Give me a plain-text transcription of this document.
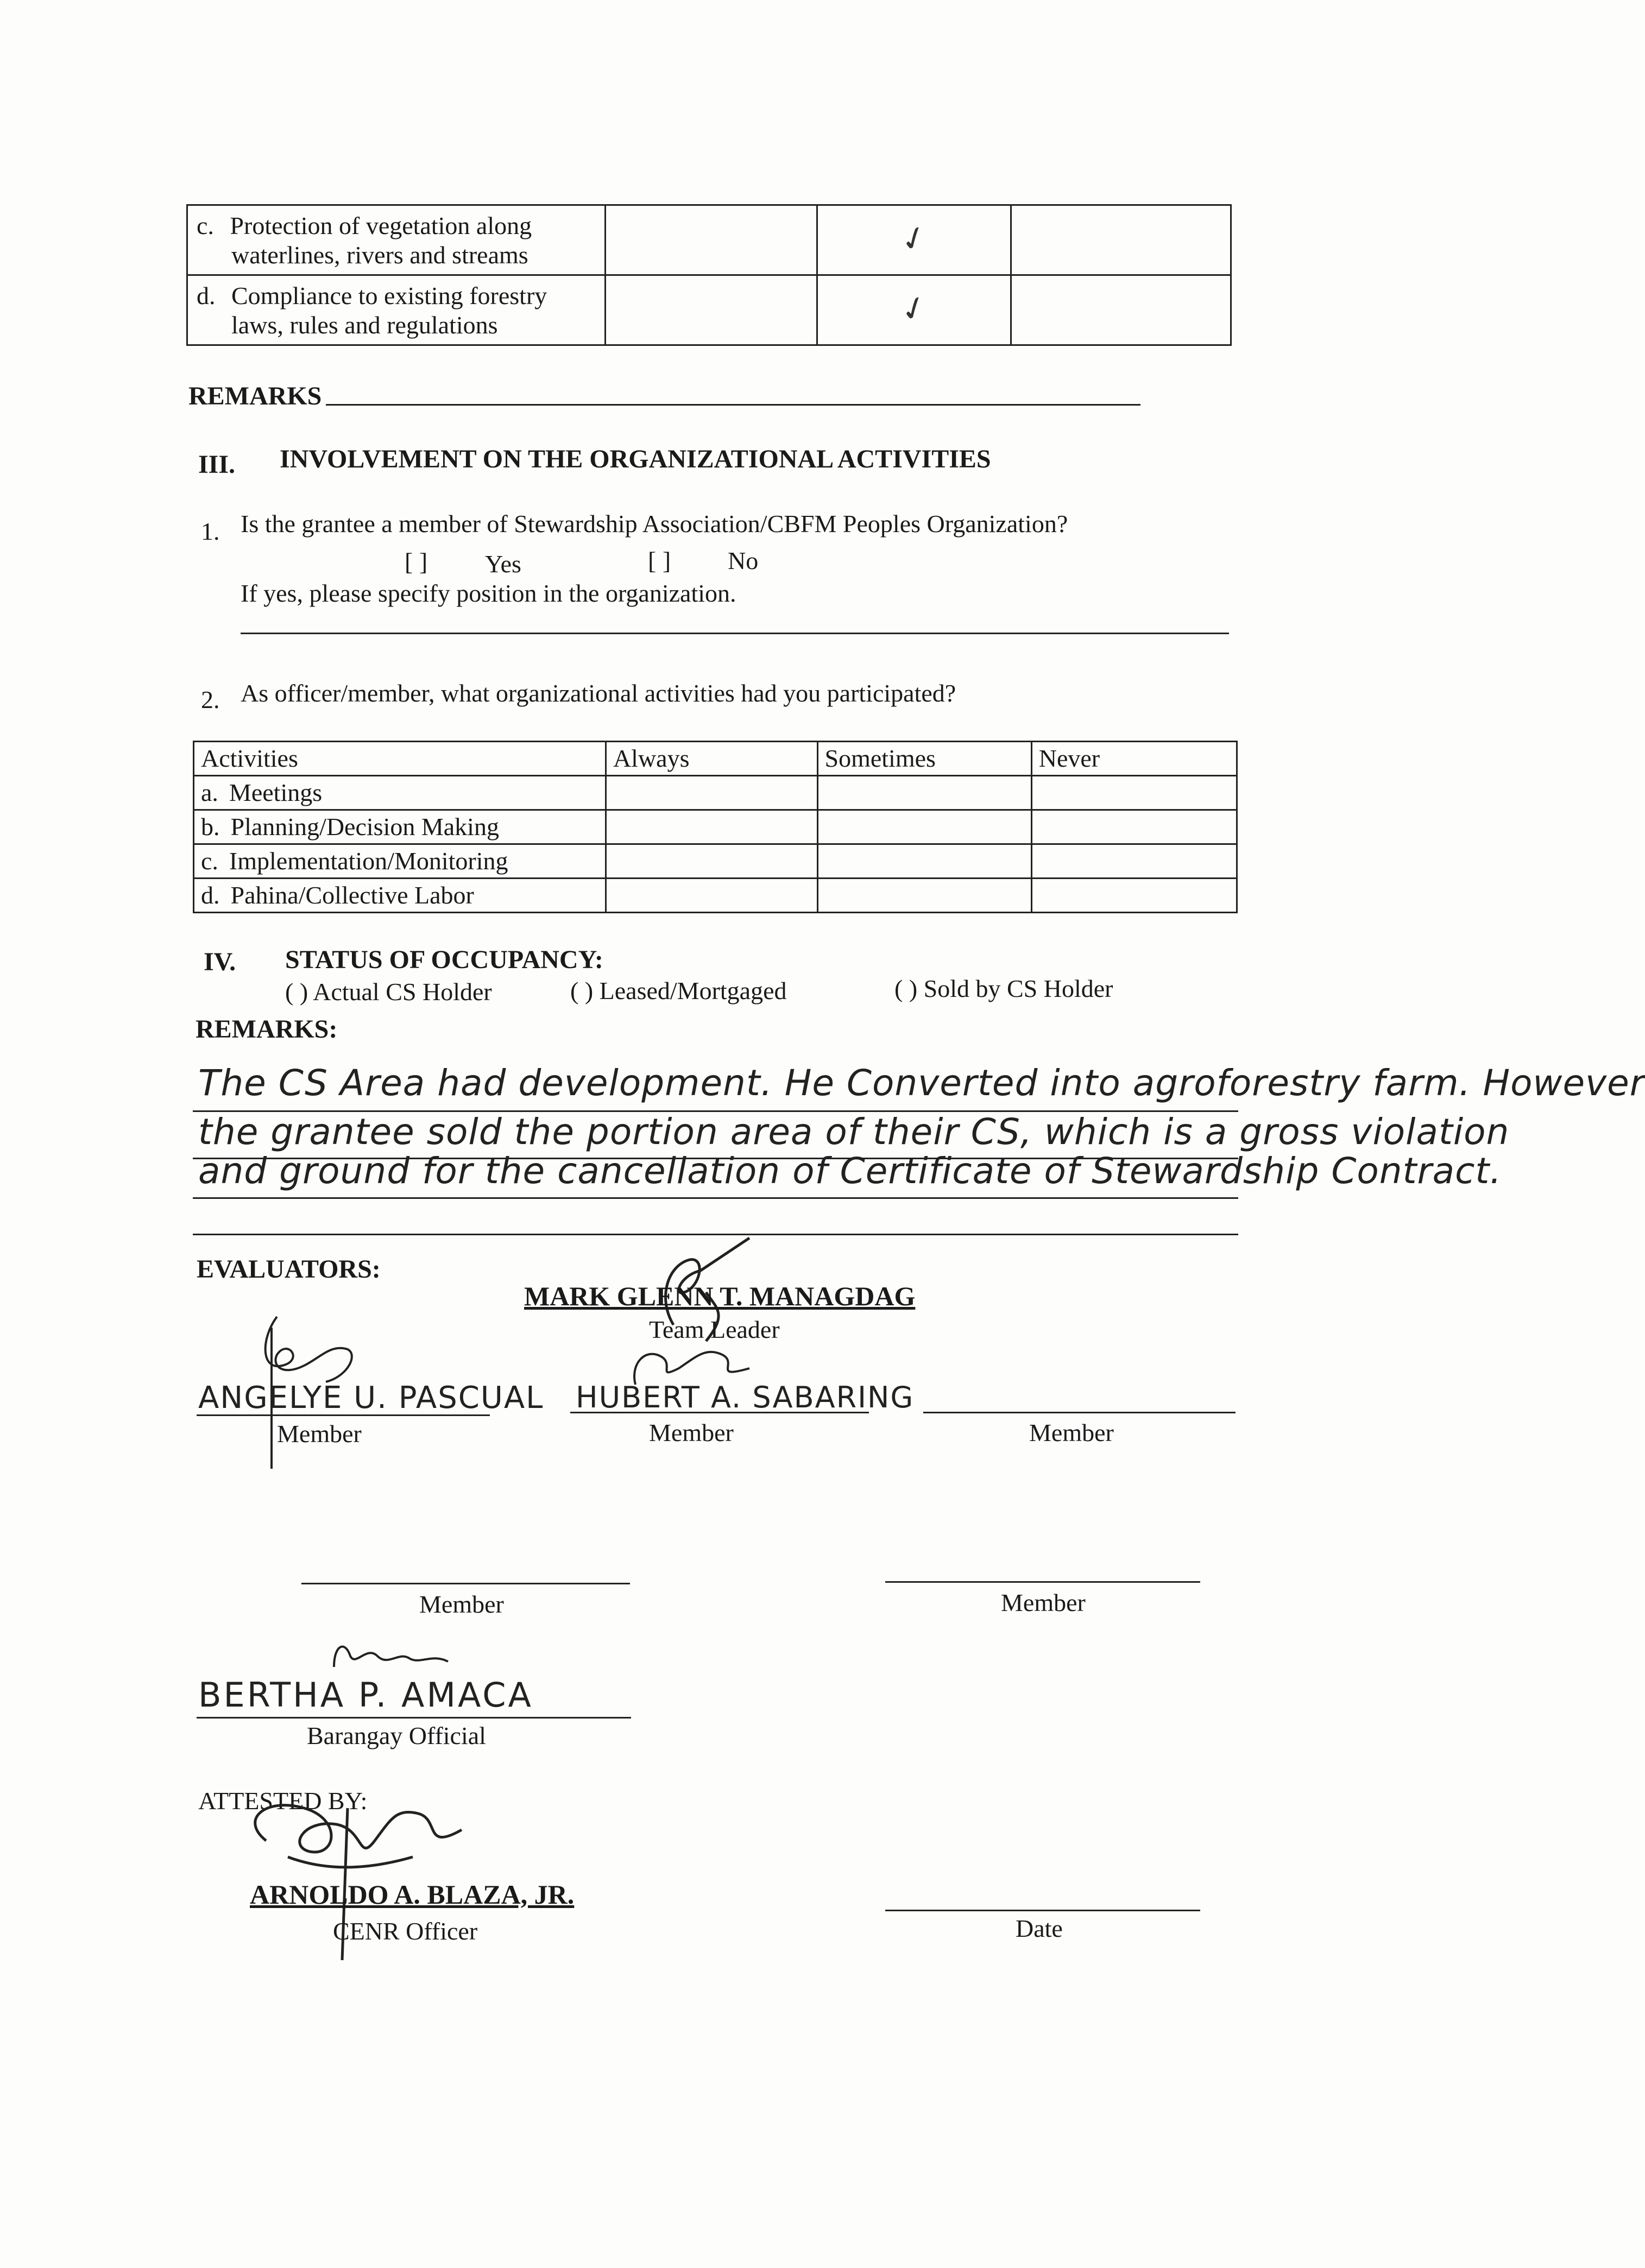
c. Protection of vegetation along
waterlines, rivers and streams		✓	
d. Compliance to existing forestry
laws, rules and regulations		✓	
REMARKS
III. INVOLVEMENT ON THE ORGANIZATIONAL ACTIVITIES
1. Is the grantee a member of Stewardship Association/CBFM Peoples Organization?
[ ] Yes	[ ] No
If yes, please specify position in the organization.
2. As officer/member, what organizational activities had you participated?
Activities	Always	Sometimes	Never
a. Meetings			
b. Planning/Decision Making			
c. Implementation/Monitoring			
d. Pahina/Collective Labor			
IV. STATUS OF OCCUPANCY:
( ) Actual CS Holder	( ) Leased/Mortgaged	( ) Sold by CS Holder
REMARKS:
The CS Area had development. He Converted into agroforestry farm. However
the grantee sold the portion area of their CS, which is a gross violation
and ground for the cancellation of Certificate of Stewardship Contract.
EVALUATORS:
MARK GLENN T. MANAGDAG
Team Leader
ANGELYE U. PASCUAL
Member
HUBERT A. SABARING
Member	Member
Member	Member
BERTHA P. AMACA
Barangay Official
ATTESTED BY:
ARNOLDO A. BLAZA, JR.
CENR Officer	Date
